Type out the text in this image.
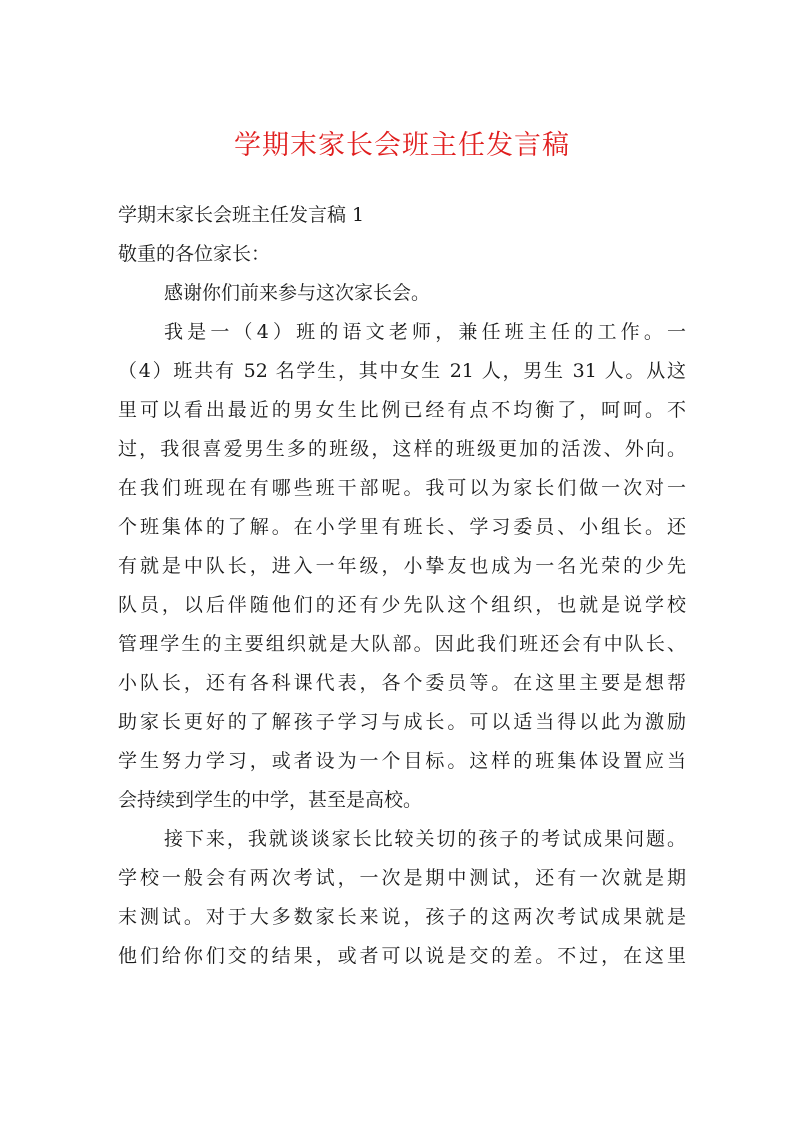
学期末家长会班主任发言稿
学期末家长会班主任发言稿 1
敬重的各位家长：
感谢你们前来参与这次家长会。
我是一（4）班的语文老师，兼任班主任的工作。一
（4）班共有 52 名学生，其中女生 21 人，男生 31 人。从这
里可以看出最近的男女生比例已经有点不均衡了，呵呵。不
过，我很喜爱男生多的班级，这样的班级更加的活泼、外向。
在我们班现在有哪些班干部呢。我可以为家长们做一次对一
个班集体的了解。在小学里有班长、学习委员、小组长。还
有就是中队长，进入一年级，小挚友也成为一名光荣的少先
队员，以后伴随他们的还有少先队这个组织，也就是说学校
管理学生的主要组织就是大队部。因此我们班还会有中队长、
小队长，还有各科课代表，各个委员等。在这里主要是想帮
助家长更好的了解孩子学习与成长。可以适当得以此为激励
学生努力学习，或者设为一个目标。这样的班集体设置应当
会持续到学生的中学，甚至是高校。
接下来，我就谈谈家长比较关切的孩子的考试成果问题。
学校一般会有两次考试，一次是期中测试，还有一次就是期
末测试。对于大多数家长来说，孩子的这两次考试成果就是
他们给你们交的结果，或者可以说是交的差。不过，在这里
